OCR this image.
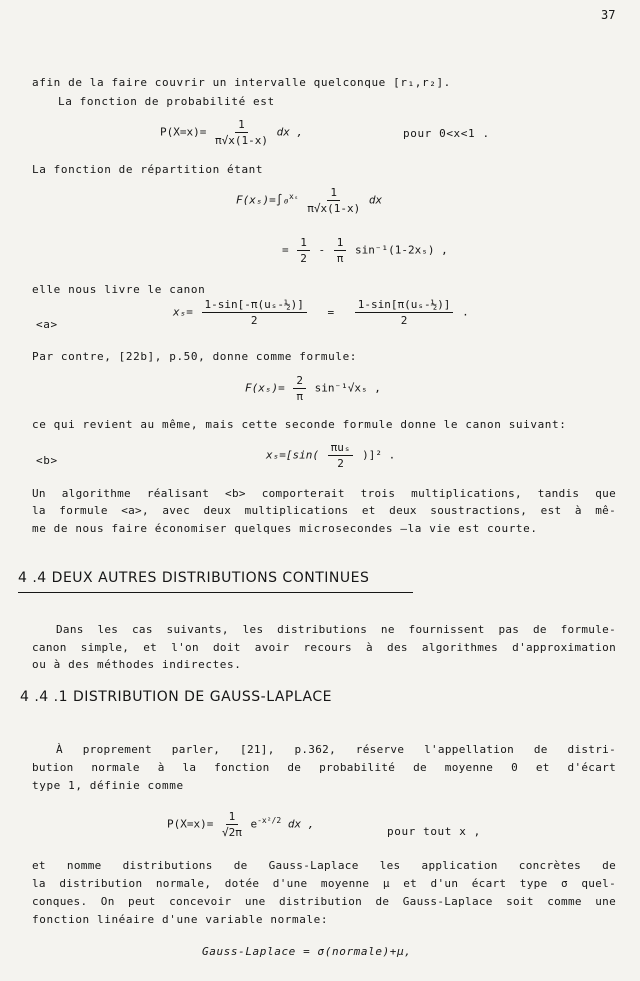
37
afin de la faire couvrir un intervalle quelconque [r₁,r₂].
La fonction de probabilité est
$P(X=x)= \frac{1}{\pi√x(1-x)}$ dx ,	pour 0<x<1 .
La fonction de répartition étant
$F(x_s)=\int_0^{x_s} \frac{1}{\pi√x(1-x)}$ dx
= $\frac{1}{2} - \frac{1}{\pi} \sin^{-1}(1-2x_s)$ ,
elle nous livre le canon
<a>
$x_s= \frac{\text{1-sin[-π(uₛ-½)]}}{2} = \frac{\text{1-sin[π(uₛ-½)]}}{2}$ .
Par contre, [22b], p.50, donne comme formule:
$F(x_s)= \frac{2}{\pi} \sin^{-1}√x_s$ ,
ce qui revient au même, mais cette seconde formule donne le canon suivant:
<b>	$x_s=[\sin( \frac{\text{πuₛ}}{2} )]^2$ .
Un algorithme réalisant <b> comporterait trois multiplications, tandis que
la formule <a>, avec deux multiplications et deux soustractions, est à mê-
me de nous faire économiser quelques microsecondes —la vie est courte.
4 .4 DEUX AUTRES DISTRIBUTIONS CONTINUES
Dans les cas suivants, les distributions ne fournissent pas de formule-
canon simple, et l'on doit avoir recours à des algorithmes d'approximation
ou à des méthodes indirectes.
4 .4 .1 DISTRIBUTION DE GAUSS-LAPLACE
À proprement parler, [21], p.362, réserve l'appellation de distri-
bution normale à la fonction de probabilité de moyenne 0 et d'écart
type 1, définie comme
$P(X=x)= \frac{1}{√2\pi} e^{-x^2/2}$ dx ,
pour tout x ,
et nomme distributions de Gauss-Laplace les application concrètes de
la distribution normale, dotée d'une moyenne μ et d'un écart type σ quel-
conques. On peut concevoir une distribution de Gauss-Laplace soit comme une
fonction linéaire d'une variable normale:
Gauss-Laplace = σ(normale)+μ,
